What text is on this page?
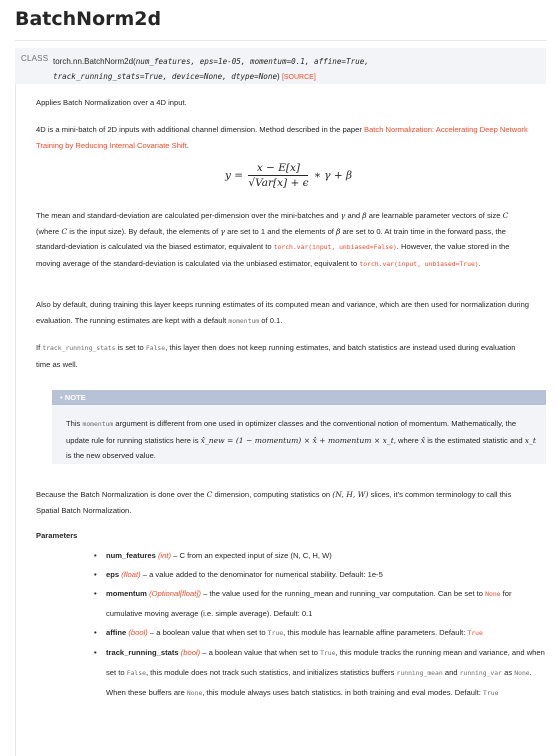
BatchNorm2d
CLASS torch.nn.BatchNorm2d(num_features, eps=1e-05, momentum=0.1, affine=True,
track_running_stats=True, device=None, dtype=None) [SOURCE]
Applies Batch Normalization over a 4D input.
4D is a mini-batch of 2D inputs with additional channel dimension. Method described in the paper Batch Normalization: Accelerating Deep Network Training by Reducing Internal Covariate Shift.
$y = \frac{x - E[x]}{\text{√Var[x] + ϵ}}$ ∗ γ + β
The mean and standard-deviation are calculated per-dimension over the mini-batches and γ and β are learnable parameter vectors of size C (where C is the input size). By default, the elements of γ are set to 1 and the elements of β are set to 0. At train time in the forward pass, the standard-deviation is calculated via the biased estimator, equivalent to torch.var(input, unbiased=False). However, the value stored in the moving average of the standard-deviation is calculated via the unbiased estimator, equivalent to torch.var(input, unbiased=True).
Also by default, during training this layer keeps running estimates of its computed mean and variance, which are then used for normalization during evaluation. The running estimates are kept with a default momentum of 0.1.
If track_running_stats is set to False, this layer then does not keep running estimates, and batch statistics are instead used during evaluation time as well.
• NOTE
This momentum argument is different from one used in optimizer classes and the conventional notion of momentum. Mathematically, the update rule for running statistics here is x̂_new = (1 − momentum) × x̂ + momentum × x_t, where x̂ is the estimated statistic and x_t is the new observed value.
Because the Batch Normalization is done over the C dimension, computing statistics on (N, H, W) slices, it’s common terminology to call this Spatial Batch Normalization.
Parameters
•	num_features (int) – C from an expected input of size (N, C, H, W)
•	eps (float) – a value added to the denominator for numerical stability. Default: 1e-5
•	momentum (Optional[float]) – the value used for the running_mean and running_var computation. Can be set to None for cumulative moving average (i.e. simple average). Default: 0.1
•	affine (bool) – a boolean value that when set to True, this module has learnable affine parameters. Default: True
•	track_running_stats (bool) – a boolean value that when set to True, this module tracks the running mean and variance, and when set to False, this module does not track such statistics, and initializes statistics buffers running_mean and running_var as None. When these buffers are None, this module always uses batch statistics. in both training and eval modes. Default: True
